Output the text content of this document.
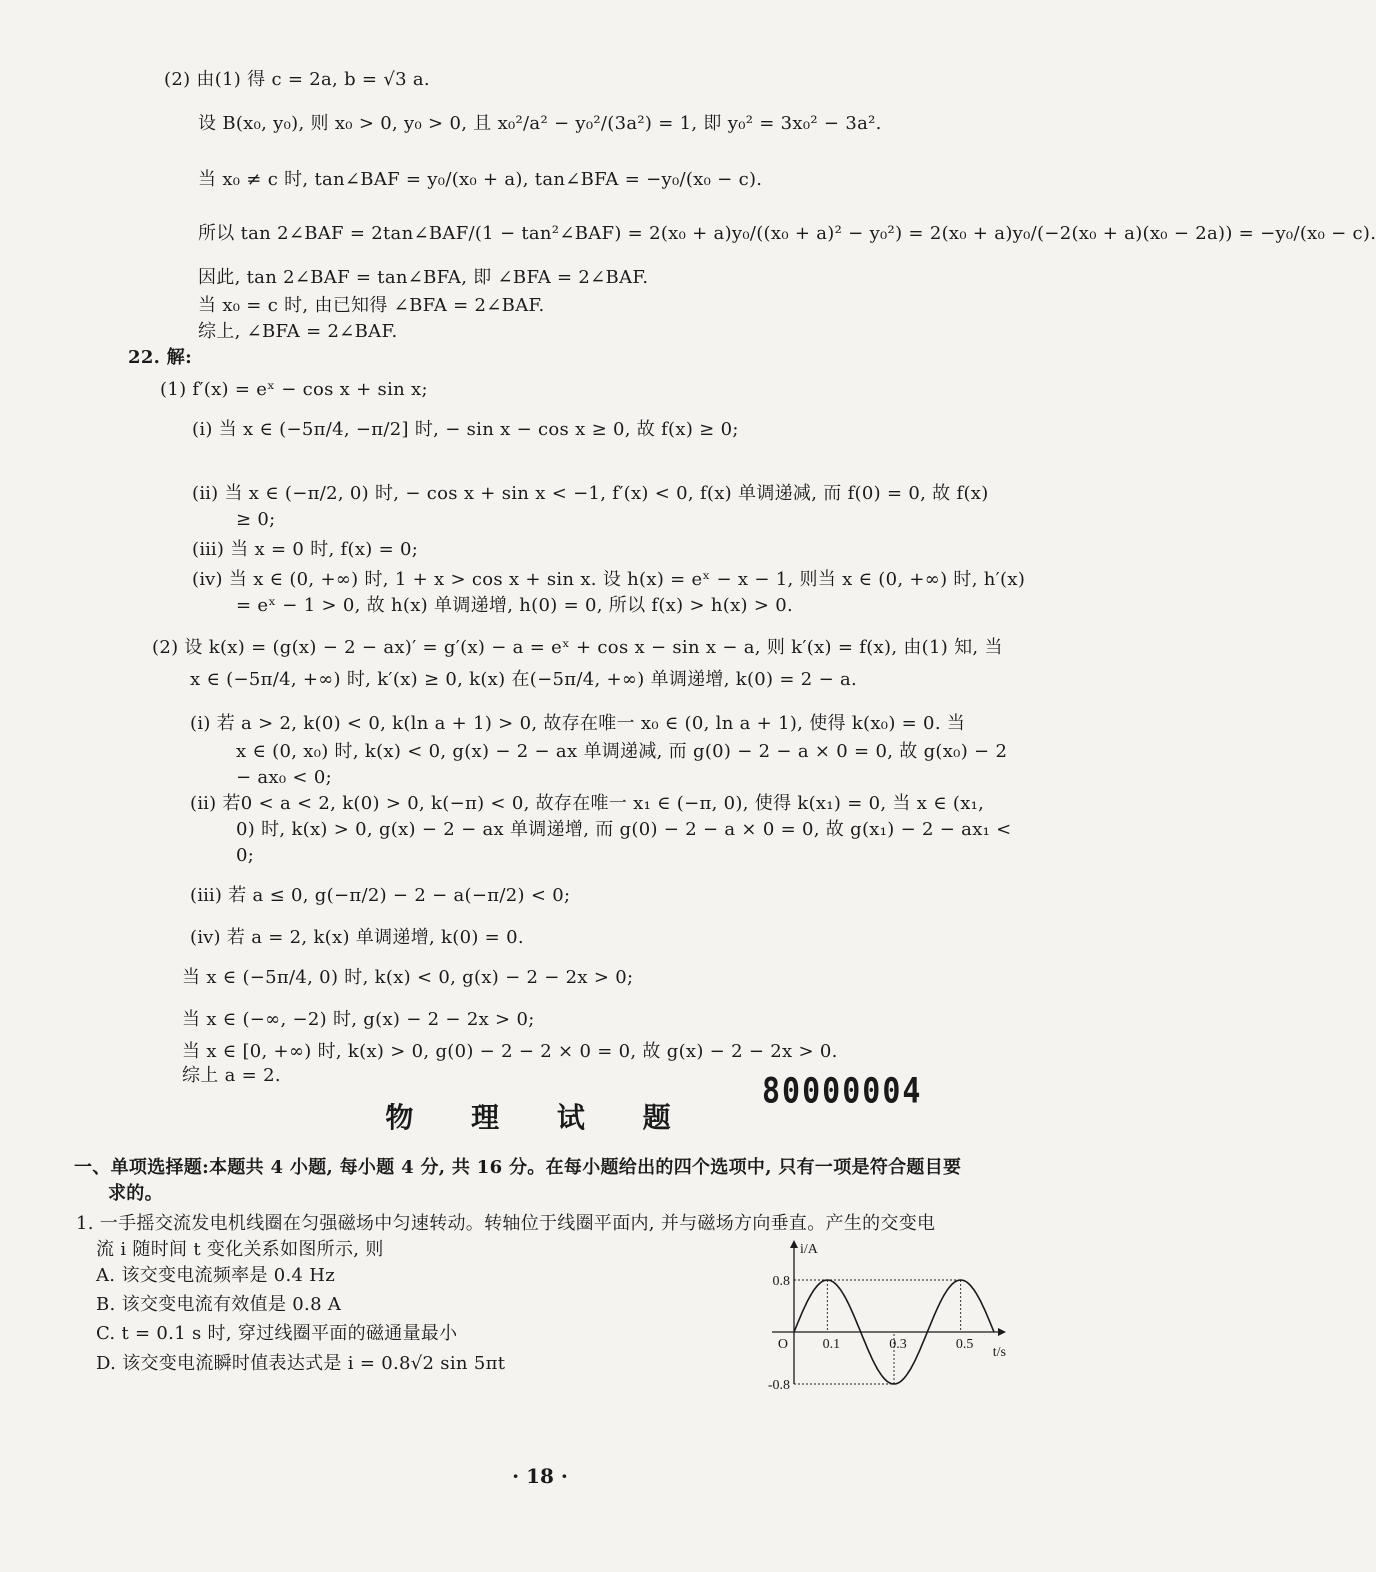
(2) 由(1) 得 c = 2a, b = √3 a.
设 B(x₀, y₀), 则 x₀ > 0, y₀ > 0, 且 x₀²/a² − y₀²/(3a²) = 1, 即 y₀² = 3x₀² − 3a².
当 x₀ ≠ c 时, tan∠BAF = y₀/(x₀ + a), tan∠BFA = −y₀/(x₀ − c).
所以 tan 2∠BAF = 2tan∠BAF/(1 − tan²∠BAF) = 2(x₀ + a)y₀/((x₀ + a)² − y₀²) = 2(x₀ + a)y₀/(−2(x₀ + a)(x₀ − 2a)) = −y₀/(x₀ − c).
因此, tan 2∠BAF = tan∠BFA, 即 ∠BFA = 2∠BAF.
当 x₀ = c 时, 由已知得 ∠BFA = 2∠BAF.
综上, ∠BFA = 2∠BAF.
22. 解:
(1) f′(x) = eˣ − cos x + sin x;
(ⅰ) 当 x ∈ (−5π/4, −π/2] 时, − sin x − cos x ≥ 0, 故 f(x) ≥ 0;
(ⅱ) 当 x ∈ (−π/2, 0) 时, − cos x + sin x < −1, f′(x) < 0, f(x) 单调递减, 而 f(0) = 0, 故 f(x)
≥ 0;
(ⅲ) 当 x = 0 时, f(x) = 0;
(ⅳ) 当 x ∈ (0, +∞) 时, 1 + x > cos x + sin x. 设 h(x) = eˣ − x − 1, 则当 x ∈ (0, +∞) 时, h′(x)
= eˣ − 1 > 0, 故 h(x) 单调递增, h(0) = 0, 所以 f(x) > h(x) > 0.
(2) 设 k(x) = (g(x) − 2 − ax)′ = g′(x) − a = eˣ + cos x − sin x − a, 则 k′(x) = f(x), 由(1) 知, 当
x ∈ (−5π/4, +∞) 时, k′(x) ≥ 0, k(x) 在(−5π/4, +∞) 单调递增, k(0) = 2 − a.
(ⅰ) 若 a > 2, k(0) < 0, k(ln a + 1) > 0, 故存在唯一 x₀ ∈ (0, ln a + 1), 使得 k(x₀) = 0. 当
x ∈ (0, x₀) 时, k(x) < 0, g(x) − 2 − ax 单调递减, 而 g(0) − 2 − a × 0 = 0, 故 g(x₀) − 2
− ax₀ < 0;
(ⅱ) 若0 < a < 2, k(0) > 0, k(−π) < 0, 故存在唯一 x₁ ∈ (−π, 0), 使得 k(x₁) = 0, 当 x ∈ (x₁,
0) 时, k(x) > 0, g(x) − 2 − ax 单调递增, 而 g(0) − 2 − a × 0 = 0, 故 g(x₁) − 2 − ax₁ <
0;
(ⅲ) 若 a ≤ 0, g(−π/2) − 2 − a(−π/2) < 0;
(ⅳ) 若 a = 2, k(x) 单调递增, k(0) = 0.
当 x ∈ (−5π/4, 0) 时, k(x) < 0, g(x) − 2 − 2x > 0;
当 x ∈ (−∞, −2) 时, g(x) − 2 − 2x > 0;
当 x ∈ [0, +∞) 时, k(x) > 0, g(0) − 2 − 2 × 0 = 0, 故 g(x) − 2 − 2x > 0.
综上 a = 2.	80000004
物 理 试 题
一、单项选择题:本题共 4 小题, 每小题 4 分, 共 16 分。在每小题给出的四个选项中, 只有一项是符合题目要
求的。
1. 一手摇交流发电机线圈在匀强磁场中匀速转动。转轴位于线圈平面内, 并与磁场方向垂直。产生的交变电
流 i 随时间 t 变化关系如图所示, 则
A. 该交变电流频率是 0.4 Hz
B. 该交变电流有效值是 0.8 A
C. t = 0.1 s 时, 穿过线圈平面的磁通量最小
D. 该交变电流瞬时值表达式是 i = 0.8√2 sin 5πt
i/A
t/s
O
0.8
-0.8
0.1	0.3	0.5
· 18 ·
